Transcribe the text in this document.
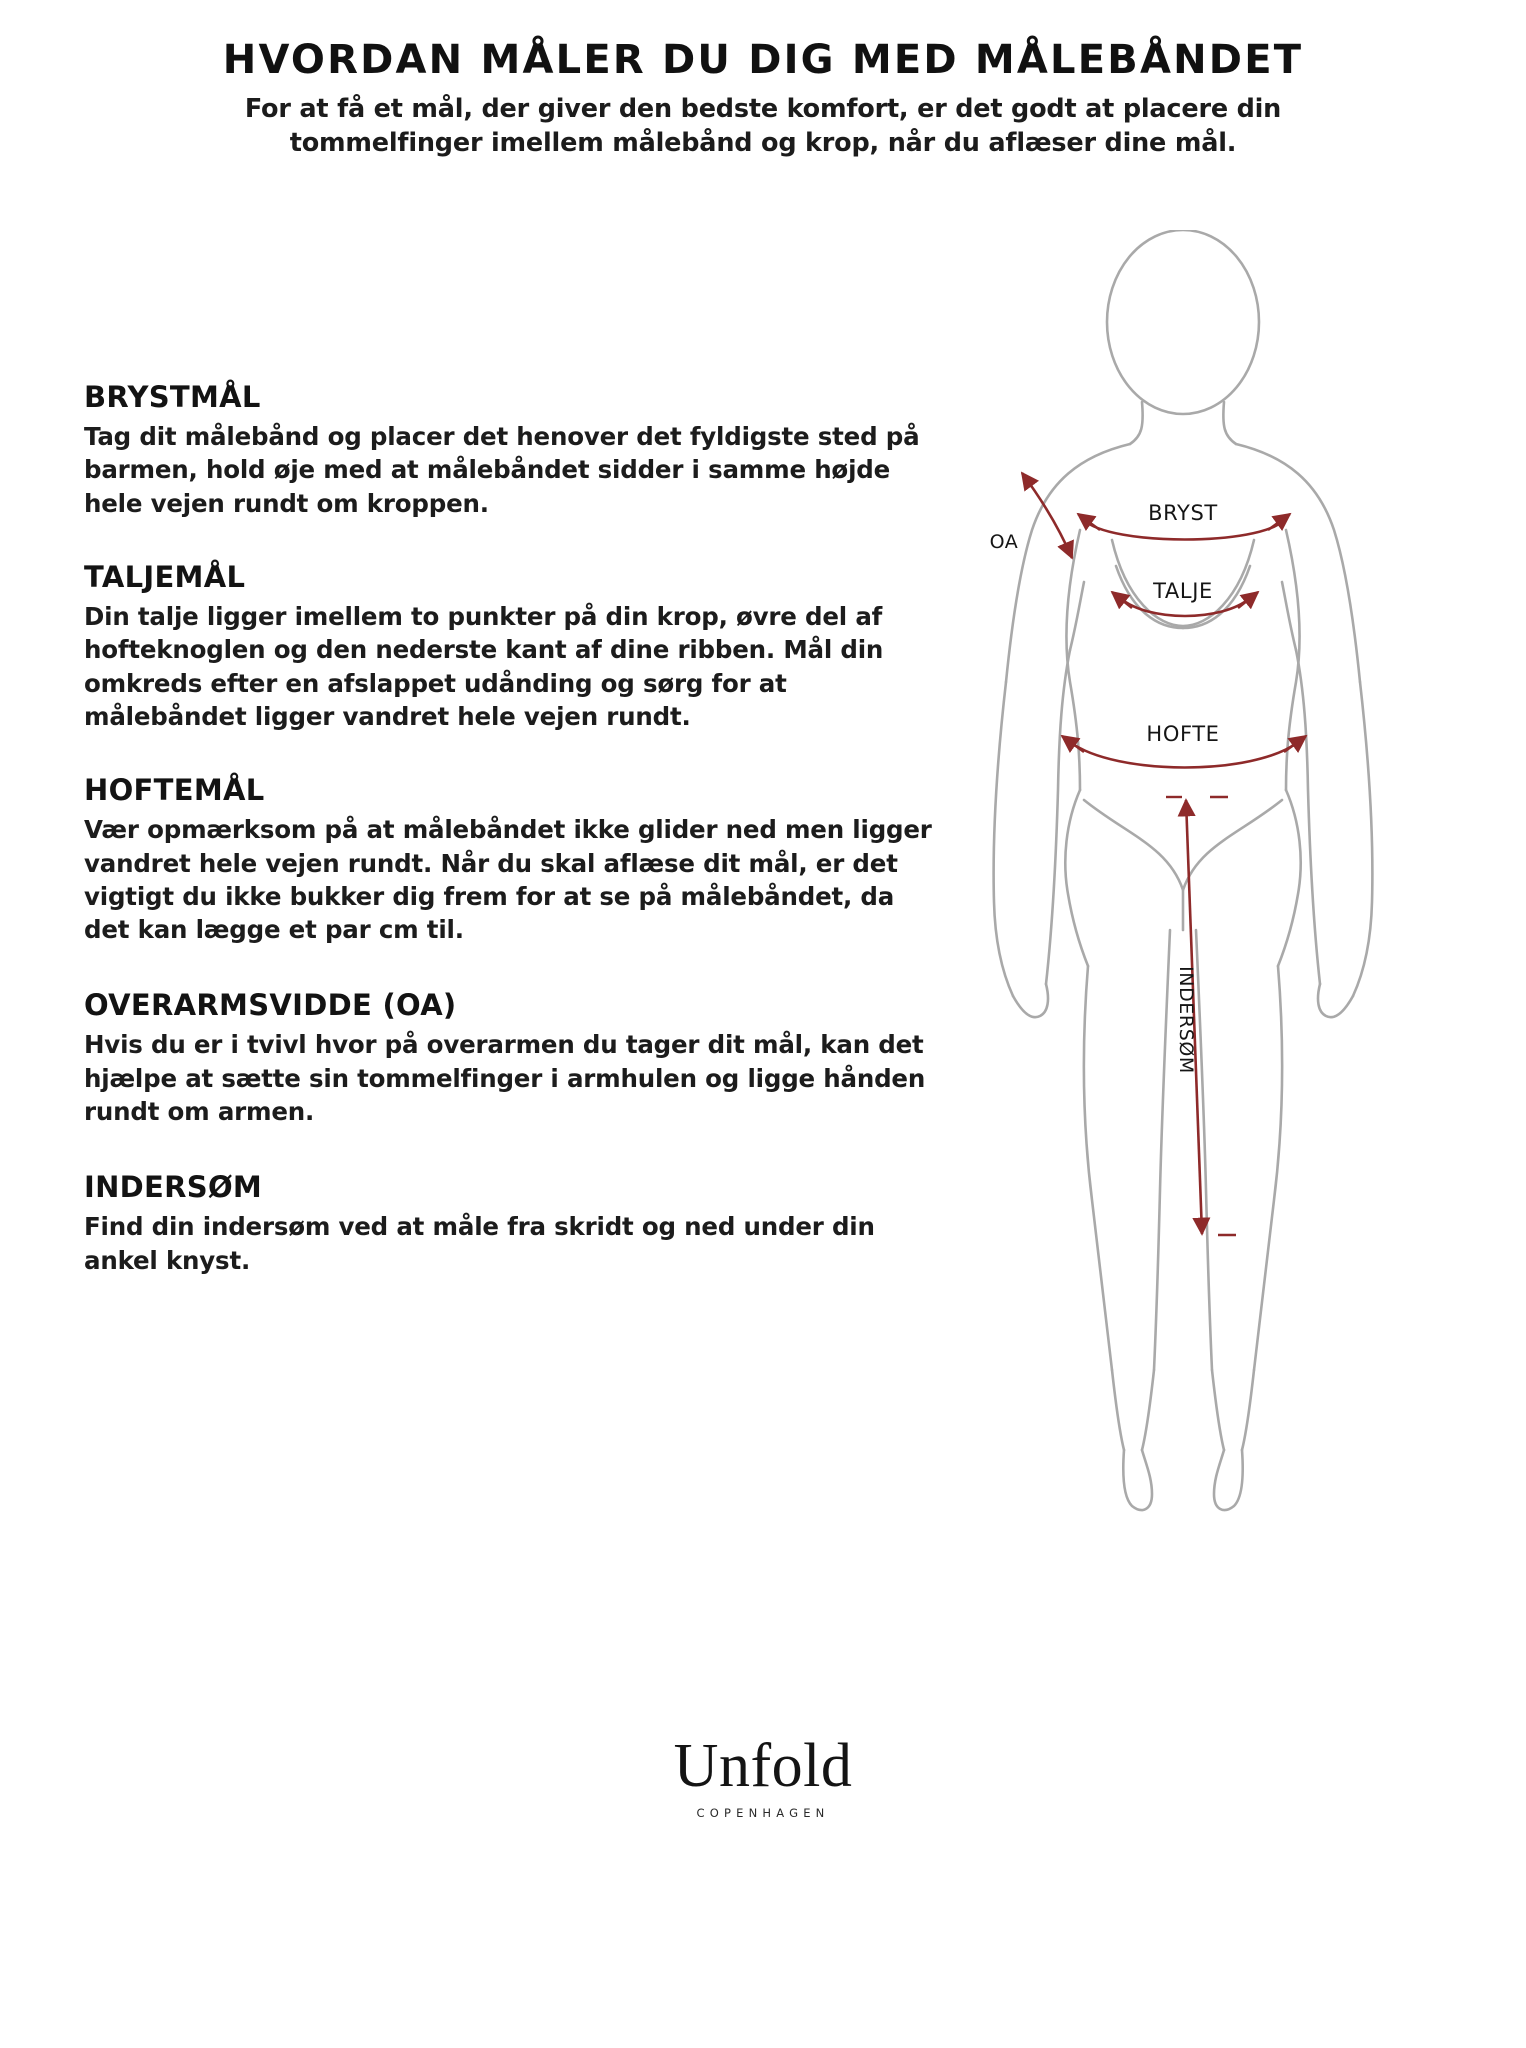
HVORDAN MÅLER DU DIG MED MÅLEBÅNDET

For at få et mål, der giver den bedste komfort, er det godt at placere din tommelfinger imellem målebånd og krop, når du aflæser dine mål.

BRYSTMÅL

Tag dit målebånd og placer det henover det fyldigste sted på barmen, hold øje med at målebåndet sidder i samme højde hele vejen rundt om kroppen.

TALJEMÅL

Din talje ligger imellem to punkter på din krop, øvre del af hofteknoglen og den nederste kant af dine ribben. Mål din omkreds efter en afslappet udånding og sørg for at målebåndet ligger vandret hele vejen rundt.

HOFTEMÅL

Vær opmærksom på at målebåndet ikke glider ned men ligger vandret hele vejen rundt. Når du skal aflæse dit mål, er det vigtigt du ikke bukker dig frem for at se på målebåndet, da det kan lægge et par cm til.

OVERARMSVIDDE (OA)

Hvis du er i tvivl hvor på overarmen du tager dit mål, kan det hjælpe at sætte sin tommelfinger i armhulen og ligge hånden rundt om armen.

INDERSØM

Find din indersøm ved at måle fra skridt og ned under din ankel knyst.

OA
BRYST
TALJE
HOFTE
INDERSØM
Unfold
COPENHAGEN
